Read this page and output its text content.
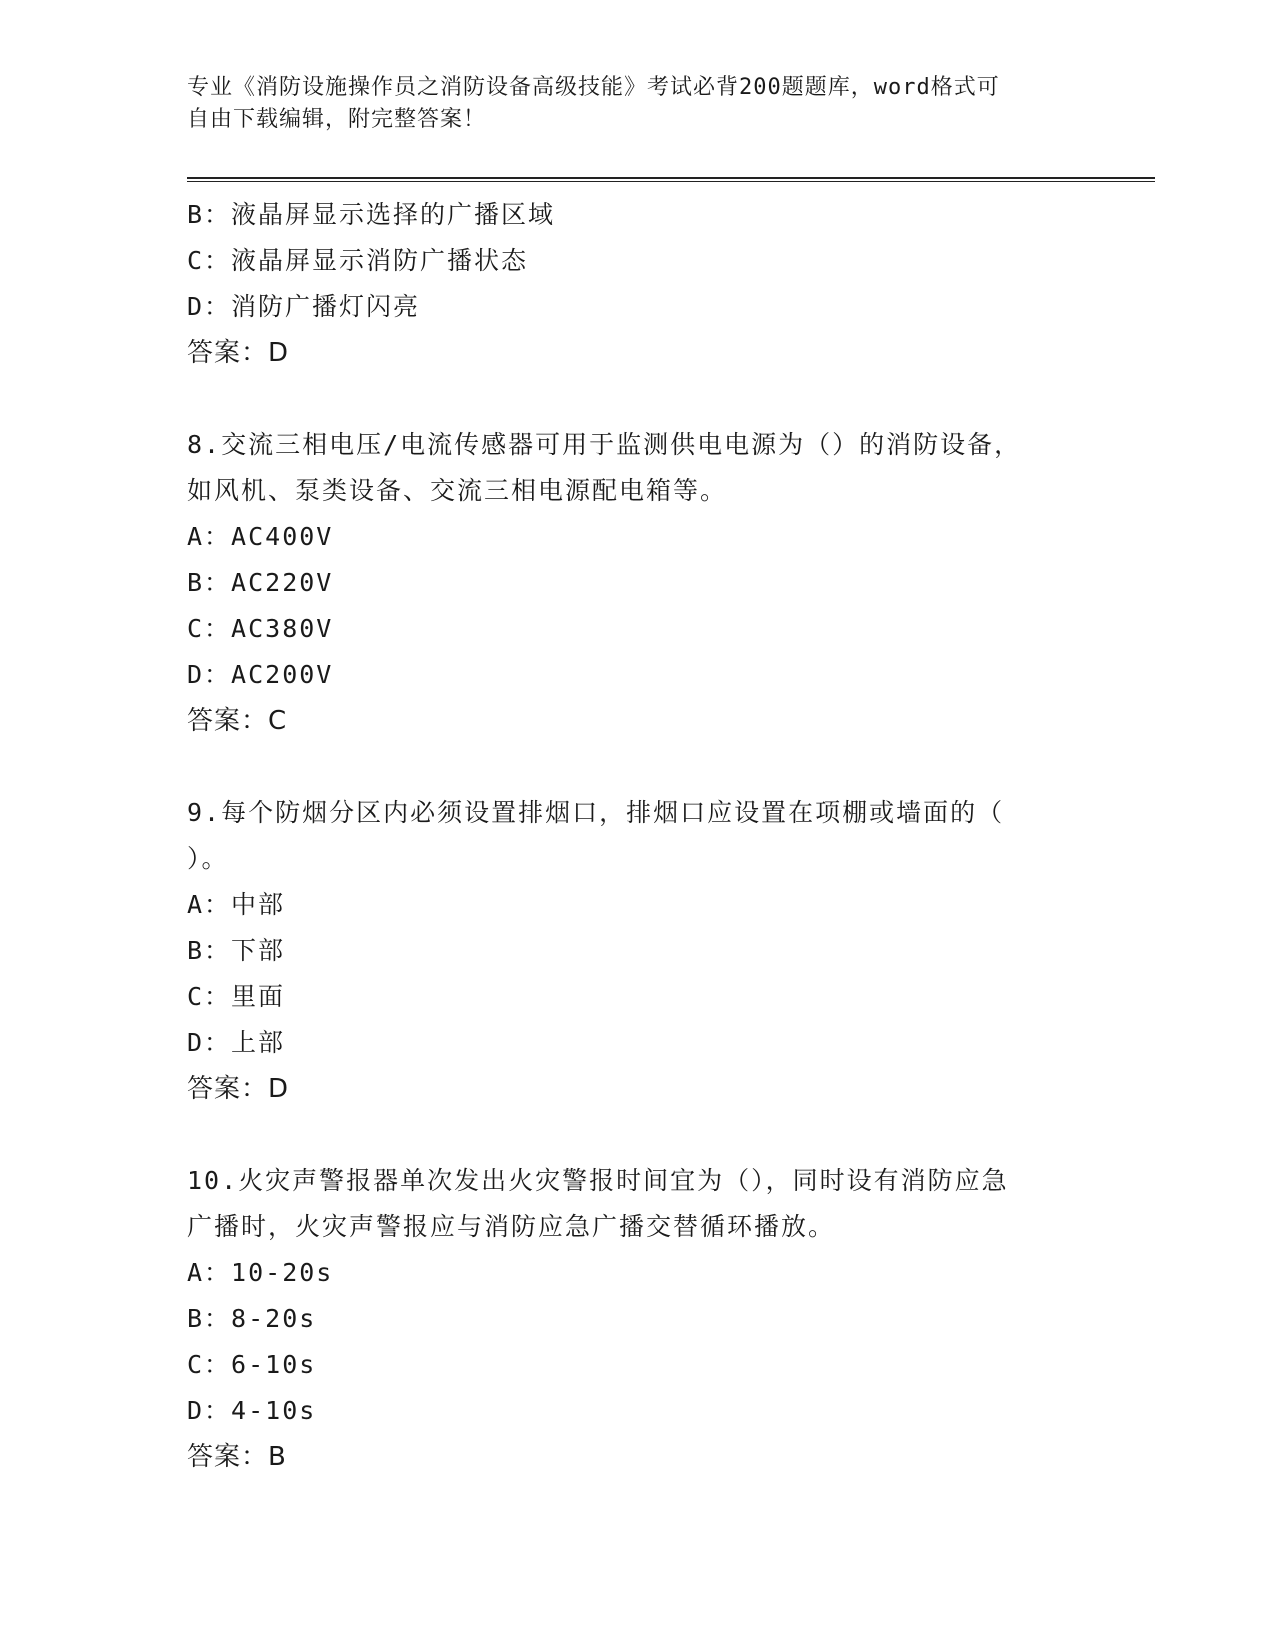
专业《消防设施操作员之消防设备高级技能》考试必背200题题库，word格式可
自由下载编辑，附完整答案！
B：液晶屏显示选择的广播区域
C：液晶屏显示消防广播状态
D：消防广播灯闪亮
答案：D
8.交流三相电压/电流传感器可用于监测供电电源为（）的消防设备，
如风机、泵类设备、交流三相电源配电箱等。
A：AC400V
B：AC220V
C：AC380V
D：AC200V
答案：C
9.每个防烟分区内必须设置排烟口，排烟口应设置在项棚或墙面的（
）。
A：中部
B：下部
C：里面
D：上部
答案：D
10.火灾声警报器单次发出火灾警报时间宜为（），同时设有消防应急
广播时，火灾声警报应与消防应急广播交替循环播放。
A：10-20s
B：8-20s
C：6-10s
D：4-10s
答案：B
